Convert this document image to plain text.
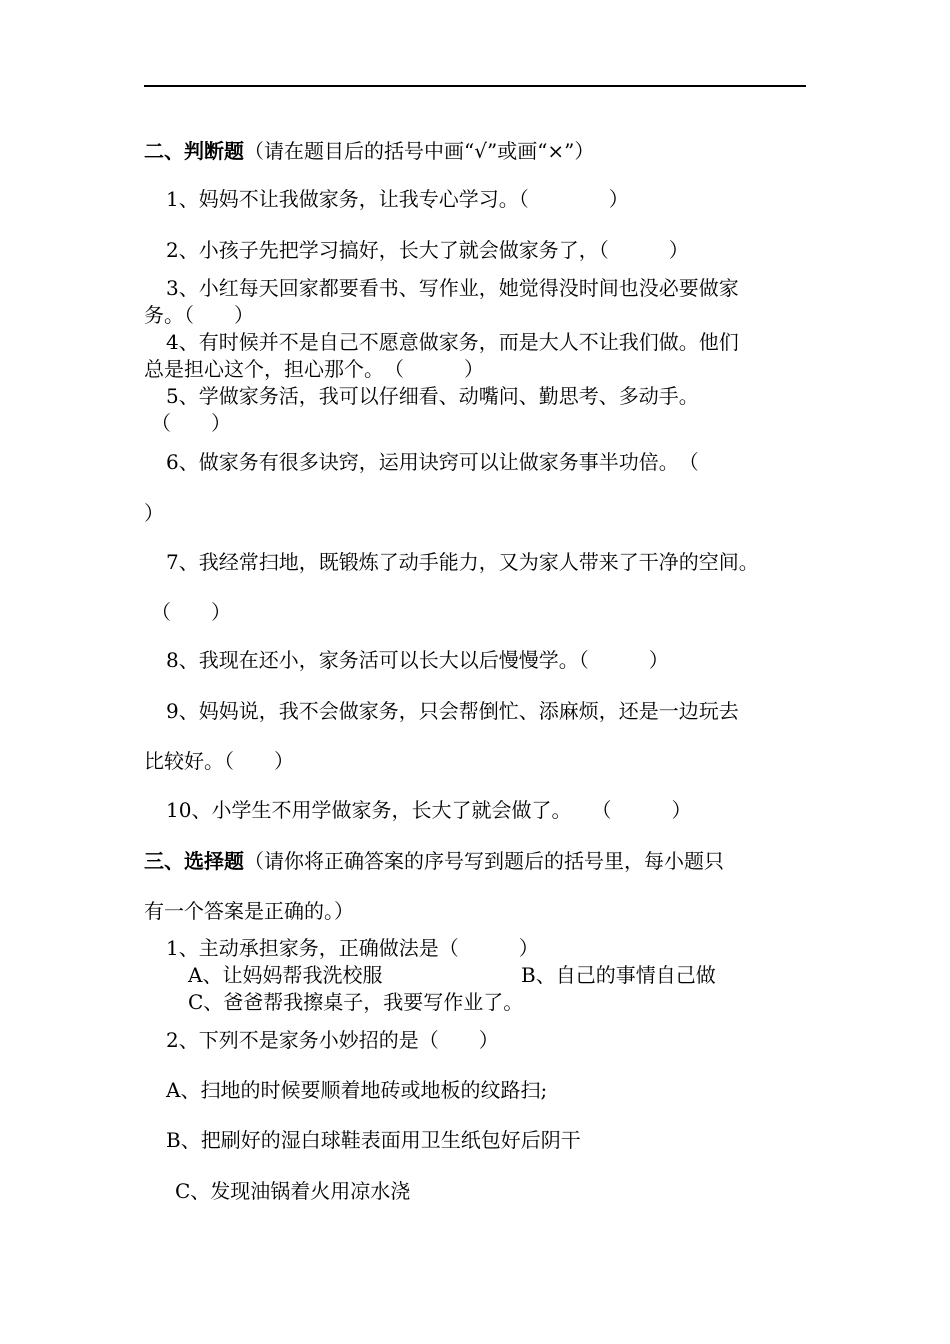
二、判断题（请在题目后的括号中画“√”或画“×”）
1、妈妈不让我做家务，让我专心学习。（　　　　）
2、小孩子先把学习搞好，长大了就会做家务了，（　　　）
3、小红每天回家都要看书、写作业，她觉得没时间也没必要做家
务。（　　）
4、有时候并不是自己不愿意做家务，而是大人不让我们做。他们
总是担心这个，担心那个。　（　　　）
5、学做家务活，我可以仔细看、动嘴问、勤思考、多动手。
（　　）
6、做家务有很多诀窍，运用诀窍可以让做家务事半功倍。　（
）
7、我经常扫地，既锻炼了动手能力，又为家人带来了干净的空间。
（　　）
8、我现在还小，家务活可以长大以后慢慢学。（　　　）
9、妈妈说，我不会做家务，只会帮倒忙、添麻烦，还是一边玩去
比较好。（　　）
10、小学生不用学做家务，长大了就会做了。　　（　　　）
三、选择题（请你将正确答案的序号写到题后的括号里，每小题只
有一个答案是正确的。）
1、主动承担家务，正确做法是（　　　）
A、让妈妈帮我洗校服	B、自己的事情自己做
C、爸爸帮我擦桌子，我要写作业了。
2、下列不是家务小妙招的是（　　）
A、扫地的时候要顺着地砖或地板的纹路扫;
B、把刷好的湿白球鞋表面用卫生纸包好后阴干
C、发现油锅着火用凉水浇
